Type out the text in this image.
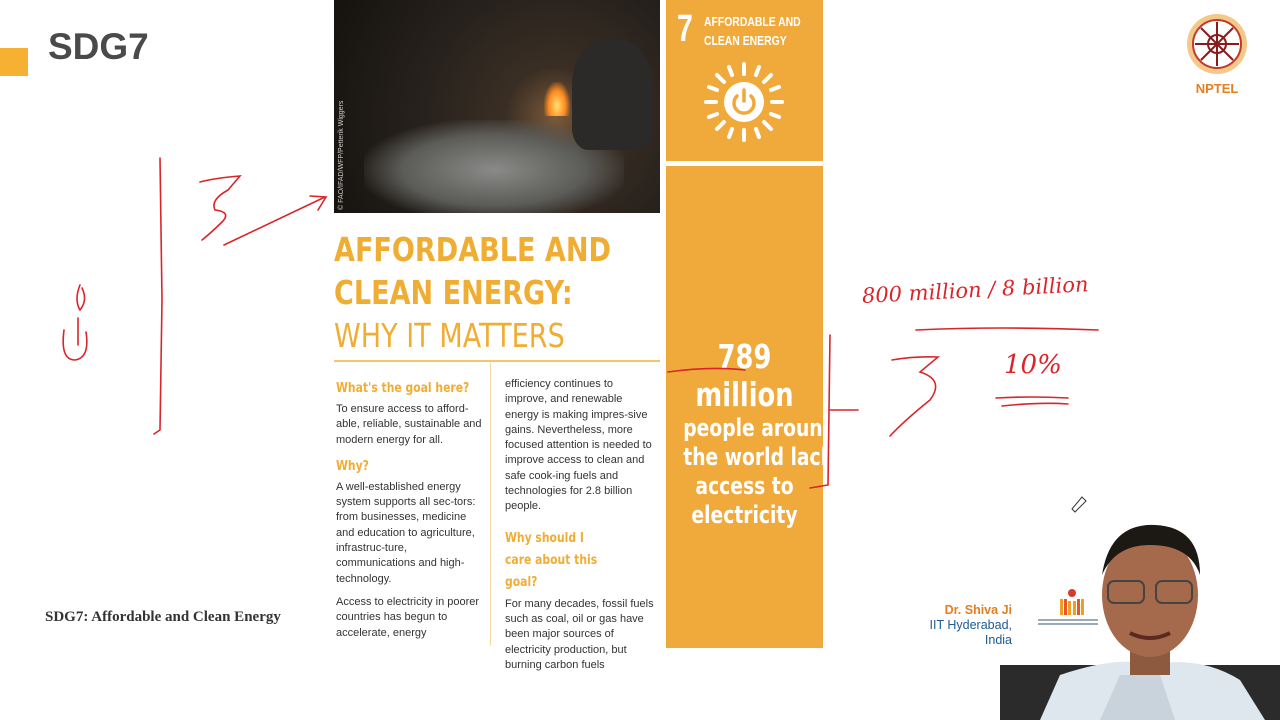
SDG7
© FAO/IFAD/WFP/Petterik Wiggers
AFFORDABLE AND
CLEAN ENERGY:
WHY IT MATTERS
What's the goal here?

To ensure access to afford-able, reliable, sustainable and modern energy for all.

Why?

A well-established energy system supports all sec-tors: from businesses, medicine and education to agriculture, infrastruc-ture, communications and high-technology.

Access to electricity in poorer countries has begun to accelerate, energy

efficiency continues to improve, and renewable energy is making impres-sive gains. Nevertheless, more focused attention is needed to improve access to clean and safe cook-ing fuels and technologies for 2.8 billion people.

Why should I care about this goal?

For many decades, fossil fuels such as coal, oil or gas have been major sources of electricity production, but burning carbon fuels

7 AFFORDABLE AND
CLEAN ENERGY
789 million
people around
the world lack
access to
electricity
NPTEL
SDG7: Affordable and Clean Energy	Dr. Shiva Ji
IIT Hyderabad, India
800 million / 8 billion
10%
